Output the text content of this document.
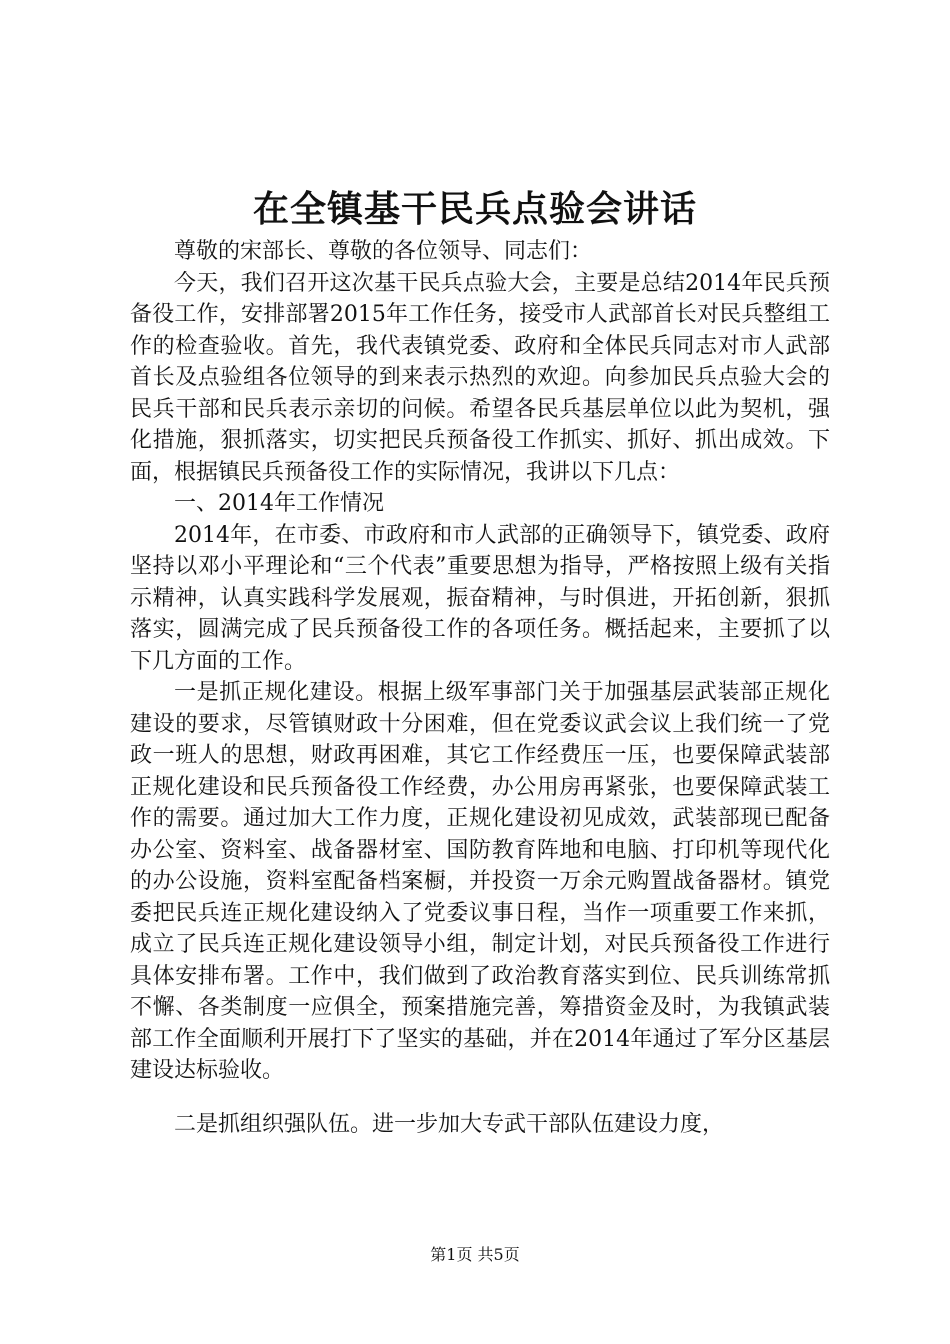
在全镇基干民兵点验会讲话

尊敬的宋部长、尊敬的各位领导、同志们：

今天，我们召开这次基干民兵点验大会，主要是总结2014年民兵预备役工作，安排部署2015年工作任务，接受市人武部首长对民兵整组工作的检查验收。首先，我代表镇党委、政府和全体民兵同志对市人武部首长及点验组各位领导的到来表示热烈的欢迎。向参加民兵点验大会的民兵干部和民兵表示亲切的问候。希望各民兵基层单位以此为契机，强化措施，狠抓落实，切实把民兵预备役工作抓实、抓好、抓出成效。下面，根据镇民兵预备役工作的实际情况，我讲以下几点：

一、2014年工作情况

2014年，在市委、市政府和市人武部的正确领导下，镇党委、政府坚持以邓小平理论和“三个代表”重要思想为指导，严格按照上级有关指示精神，认真实践科学发展观，振奋精神，与时俱进，开拓创新，狠抓落实，圆满完成了民兵预备役工作的各项任务。概括起来，主要抓了以下几方面的工作。

一是抓正规化建设。根据上级军事部门关于加强基层武装部正规化建设的要求，尽管镇财政十分困难，但在党委议武会议上我们统一了党政一班人的思想，财政再困难，其它工作经费压一压，也要保障武装部正规化建设和民兵预备役工作经费，办公用房再紧张，也要保障武装工作的需要。通过加大工作力度，正规化建设初见成效，武装部现已配备办公室、资料室、战备器材室、国防教育阵地和电脑、打印机等现代化的办公设施，资料室配备档案橱，并投资一万余元购置战备器材。镇党委把民兵连正规化建设纳入了党委议事日程，当作一项重要工作来抓，成立了民兵连正规化建设领导小组，制定计划，对民兵预备役工作进行具体安排布署。工作中，我们做到了政治教育落实到位、民兵训练常抓不懈、各类制度一应俱全，预案措施完善，筹措资金及时，为我镇武装部工作全面顺利开展打下了坚实的基础，并在2014年通过了军分区基层建设达标验收。

二是抓组织强队伍。进一步加大专武干部队伍建设力度，

第1页 共5页
